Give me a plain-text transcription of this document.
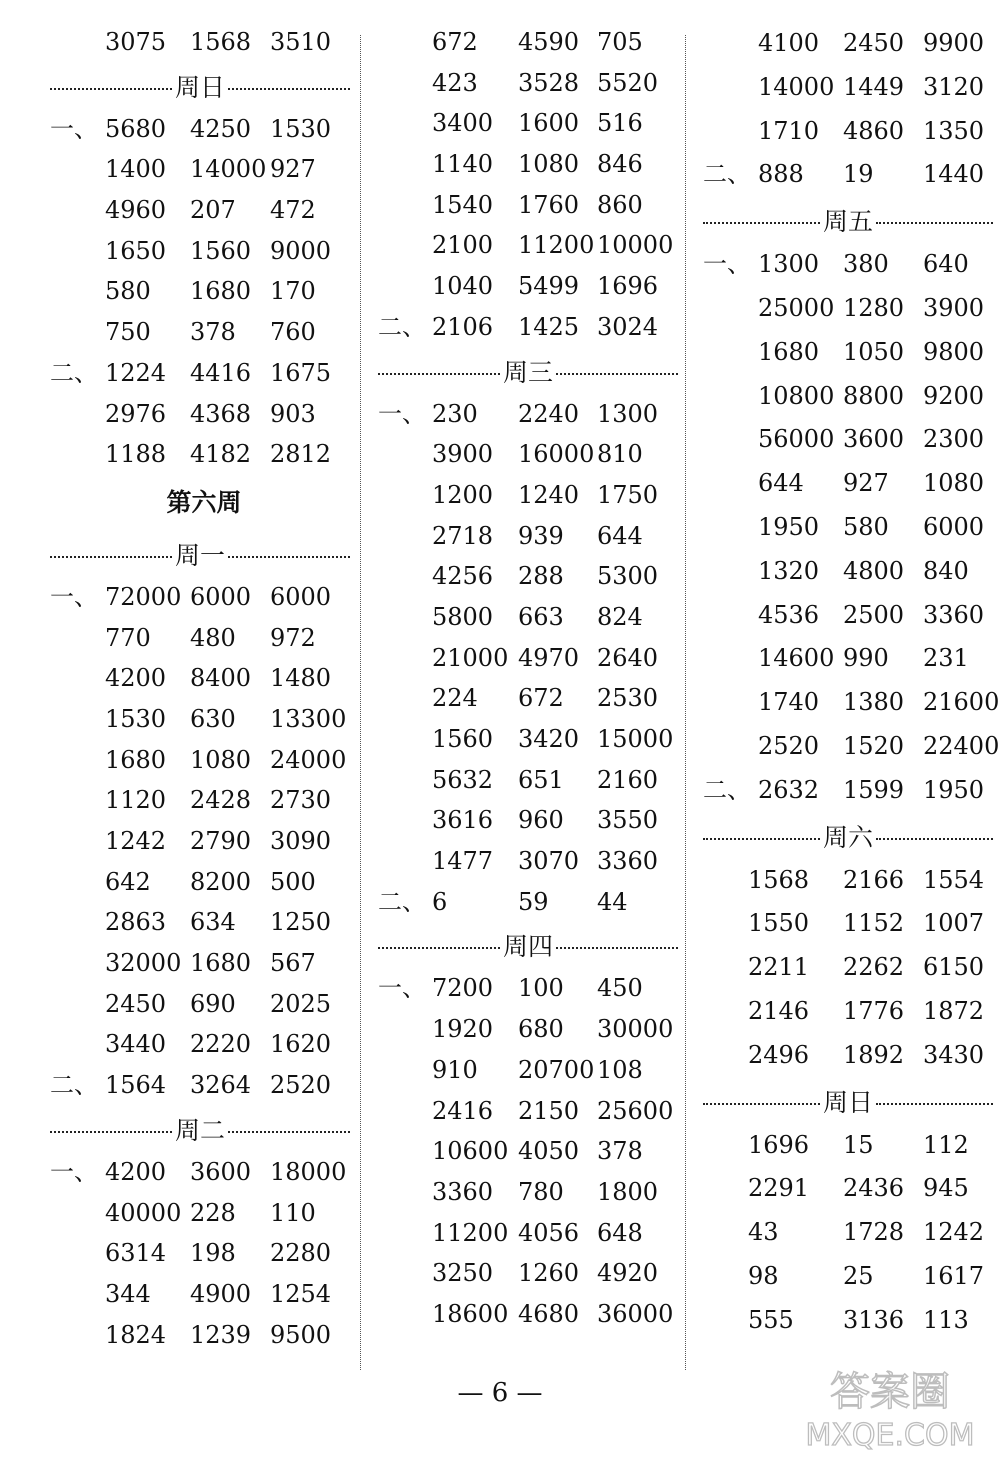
3075 1568 3510
周日
一、 5680 4250 1530
1400 14000 927
4960 207 472
1650 1560 9000
580 1680 170
750 378 760
二、 1224 4416 1675
2976 4368 903
1188 4182 2812
第六周
周一
一、 72000 6000 6000
770 480 972
4200 8400 1480
1530 630 13300
1680 1080 24000
1120 2428 2730
1242 2790 3090
642 8200 500
2863 634 1250
32000 1680 567
2450 690 2025
3440 2220 1620
二、 1564 3264 2520
周二
一、 4200 3600 18000
40000 228 110
6314 198 2280
344 4900 1254
1824 1239 9500
672 4590 705
423 3528 5520
3400 1600 516
1140 1080 846
1540 1760 860
2100 11200 10000
1040 5499 1696
二、 2106 1425 3024
周三
一、 230 2240 1300
3900 16000 810
1200 1240 1750
2718 939 644
4256 288 5300
5800 663 824
21000 4970 2640
224 672 2530
1560 3420 15000
5632 651 2160
3616 960 3550
1477 3070 3360
二、 6	59 44
周四
一、 7200 100 450
1920 680 30000
910 20700 108
2416 2150 25600
10600 4050 378
3360 780 1800
11200 4056 648
3250 1260 4920
18600 4680 36000
4100 2450 9900
14000 1449 3120
1710 4860 1350
二、 888 19 1440
周五
一、 1300 380 640
25000 1280 3900
1680 1050 9800
10800 8800 9200
56000 3600 2300
644 927 1080
1950 580 6000
1320 4800 840
4536 2500 3360
14600 990 231
1740 1380 21600
2520 1520 22400
二、 2632 1599 1950
周六
1568 2166 1554
1550 1152 1007
2211 2262 6150
2146 1776 1872
2496 1892 3430
周日
1696 15 112
2291 2436 945
43	1728 1242
98	25 1617
555 3136 113
— 6 —	答案圈
MXQE.COM
